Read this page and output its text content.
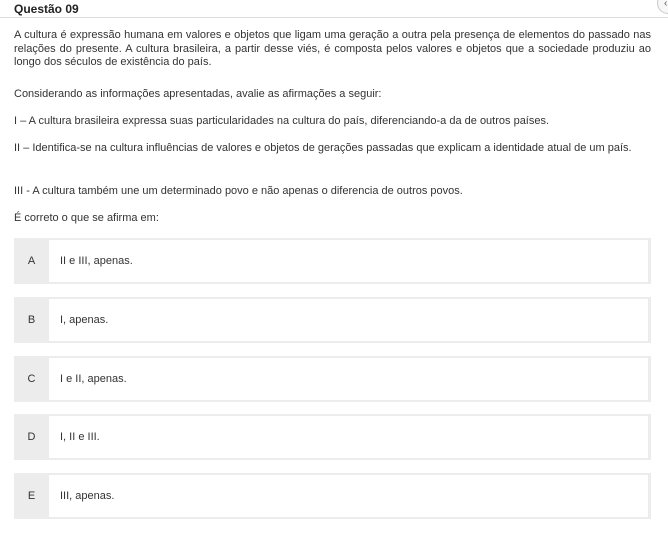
Questão 09	‹
A cultura é expressão humana em valores e objetos que ligam uma geração a outra pela presença de elementos do passado nas relações do presente. A cultura brasileira, a partir desse viés, é composta pelos valores e objetos que a sociedade produziu ao longo dos séculos de existência do país.
Considerando as informações apresentadas, avalie as afirmações a seguir:
I – A cultura brasileira expressa suas particularidades na cultura do país, diferenciando-a da de outros países.
II – Identifica-se na cultura influências de valores e objetos de gerações passadas que explicam a identidade atual de um país.
III - A cultura também une um determinado povo e não apenas o diferencia de outros povos.
É correto o que se afirma em:
A	II e III, apenas.
B	I, apenas.
C	I e II, apenas.
D	I, II e III.
E	III, apenas.
